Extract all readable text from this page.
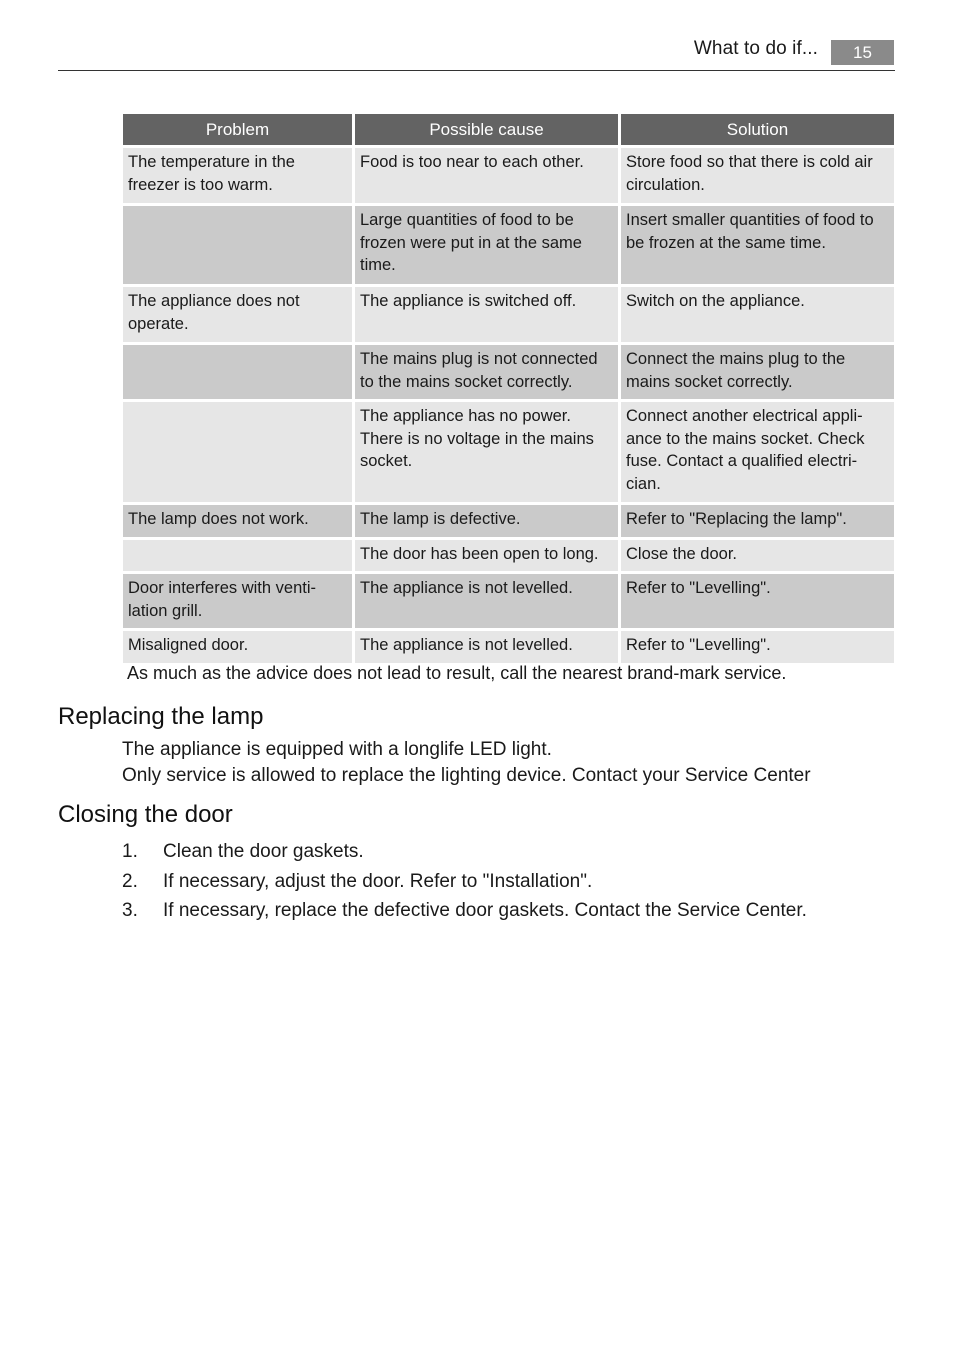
What to do if...	15
Problem	Possible cause	Solution
The temperature in the freezer is too warm.	Food is too near to each other.	Store food so that there is cold air circulation.
	Large quantities of food to be frozen were put in at the same time.	Insert smaller quantities of food to be frozen at the same time.
The appliance does not operate.	The appliance is switched off.	Switch on the appliance.
	The mains plug is not connected to the mains socket correctly.	Connect the mains plug to the mains socket correctly.
	The appliance has no power. There is no voltage in the mains socket.	Connect another electrical appli-ance to the mains socket. Check fuse. Contact a qualified electri-cian.
The lamp does not work.	The lamp is defective.	Refer to "Replacing the lamp".
	The door has been open to long.	Close the door.
Door interferes with venti-lation grill.	The appliance is not levelled.	Refer to "Levelling".
Misaligned door.	The appliance is not levelled.	Refer to "Levelling".
As much as the advice does not lead to result, call the nearest brand-mark service.
Replacing the lamp
The appliance is equipped with a longlife LED light.
Only service is allowed to replace the lighting device. Contact your Service Center
Closing the door
1.	Clean the door gaskets.
2.	If necessary, adjust the door. Refer to "Installation".
3.	If necessary, replace the defective door gaskets. Contact the Service Center.
